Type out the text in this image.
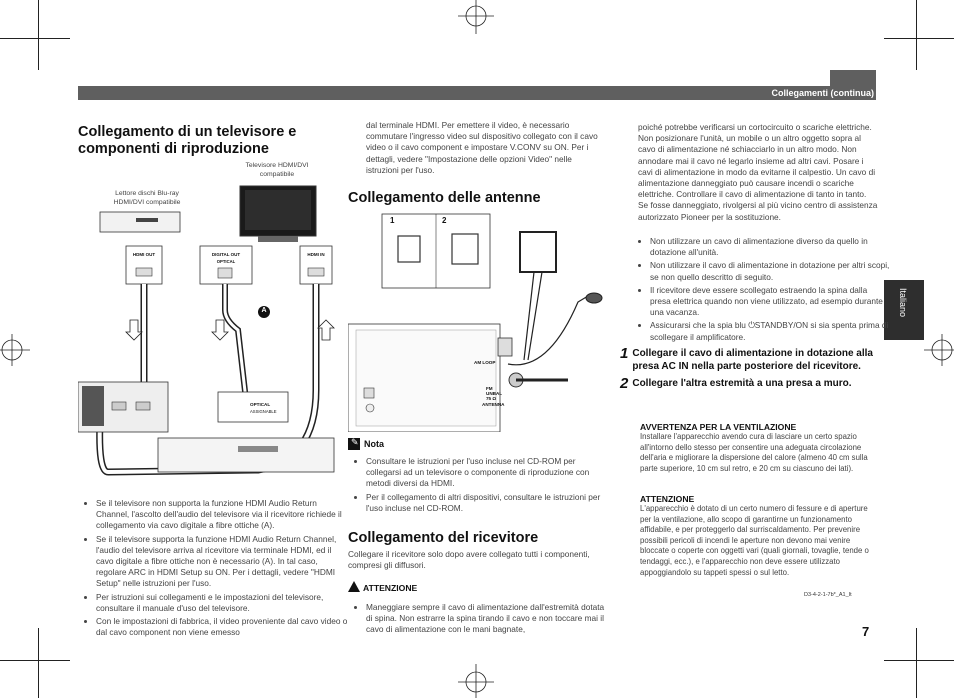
Collegamenti (continua)
Italiano
Collegamento di un televisore e componenti di riproduzione
Lettore dischi Blu-ray HDMI/DVI compatibile
Televisore HDMI/DVI compatibile
HDMI OUT	DIGITAL OUT
OPTICAL
HDMI IN
A
OPTICAL
ASSIGNABLE
• Se il televisore non supporta la funzione HDMI Audio Return Channel, l'ascolto dell'audio del televisore via il ricevitore richiede il collegamento via cavo digitale a fibre ottiche (A).
• Se il televisore supporta la funzione HDMI Audio Return Channel, l'audio del televisore arriva al ricevitore via terminale HDMI, ed il cavo digitale a fibre ottiche non è necessario (A). In tal caso, regolare ARC in HDMI Setup su ON. Per i dettagli, vedere "HDMI Setup" nelle istruzioni per l'uso.
• Per istruzioni sui collegamenti e le impostazioni del televisore, consultare il manuale d'uso del televisore.
• Con le impostazioni di fabbrica, il video proveniente dal cavo video o dal cavo component non viene emesso

dal terminale HDMI. Per emettere il video, è necessario commutare l'ingresso video sul dispositivo collegato con il cavo video o il cavo component e impostare V.CONV su ON. Per i dettagli, vedere "Impostazione delle opzioni Video" nelle istruzioni per l'uso.

Collegamento delle antenne
1	2
AM LOOP
FM UNBAL 75 Ω
ANTENNA
✎ Nota
• Consultare le istruzioni per l'uso incluse nel CD-ROM per collegarsi ad un televisore o componente di riproduzione con metodi diversi da HDMI.
• Per il collegamento di altri dispositivi, consultare le istruzioni per l'uso incluse nel CD-ROM.
Collegamento del ricevitore

Collegare il ricevitore solo dopo avere collegato tutti i componenti, compresi gli diffusori.

ATTENZIONE
• Maneggiare sempre il cavo di alimentazione dall'estremità dotata di spina. Non estrarre la spina tirando il cavo e non toccare mai il cavo di alimentazione con le mani bagnate,

poiché potrebbe verificarsi un cortocircuito o scariche elettriche. Non posizionare l'unità, un mobile o un altro oggetto sopra al cavo di alimentazione né schiacciarlo in un altro modo. Non annodare mai il cavo né legarlo insieme ad altri cavi. Posare i cavi di alimentazione in modo da evitarne il calpestio. Un cavo di alimentazione danneggiato può causare incendi o scariche elettriche. Controllare il cavo di alimentazione di tanto in tanto. Se fosse danneggiato, rivolgersi al più vicino centro di assistenza autorizzato Pioneer per la sostituzione.

• Non utilizzare un cavo di alimentazione diverso da quello in dotazione all'unità.
• Non utilizzare il cavo di alimentazione in dotazione per altri scopi, se non quello descritto di seguito.
• Il ricevitore deve essere scollegato estraendo la spina dalla presa elettrica quando non viene utilizzato, ad esempio durante una vacanza.
• Assicurarsi che la spia blu ⏻STANDBY/ON si sia spenta prima di scollegare il amplificatore.
1 Collegare il cavo di alimentazione in dotazione alla presa AC IN nella parte posteriore del ricevitore.
2 Collegare l'altra estremità a una presa a muro.
AVVERTENZA PER LA VENTILAZIONE

Installare l'apparecchio avendo cura di lasciare un certo spazio all'intorno dello stesso per consentire una adeguata circolazione dell'aria e migliorare la dispersione del calore (almeno 40 cm sulla parte superiore, 10 cm sul retro, e 20 cm su ciascuno dei lati).

ATTENZIONE

L'apparecchio è dotato di un certo numero di fessure e di aperture per la ventilazione, allo scopo di garantirne un funzionamento affidabile, e per proteggerlo dal surriscaldamento. Per prevenire possibili pericoli di incendi le aperture non devono mai venire bloccate o coperte con oggetti vari (quali giornali, tovaglie, tende o tendaggi, ecc.), e l'apparecchio non deve essere utilizzato appoggiandolo su tappeti spessi o sul letto.

D3-4-2-1-7b*_A1_It
7
